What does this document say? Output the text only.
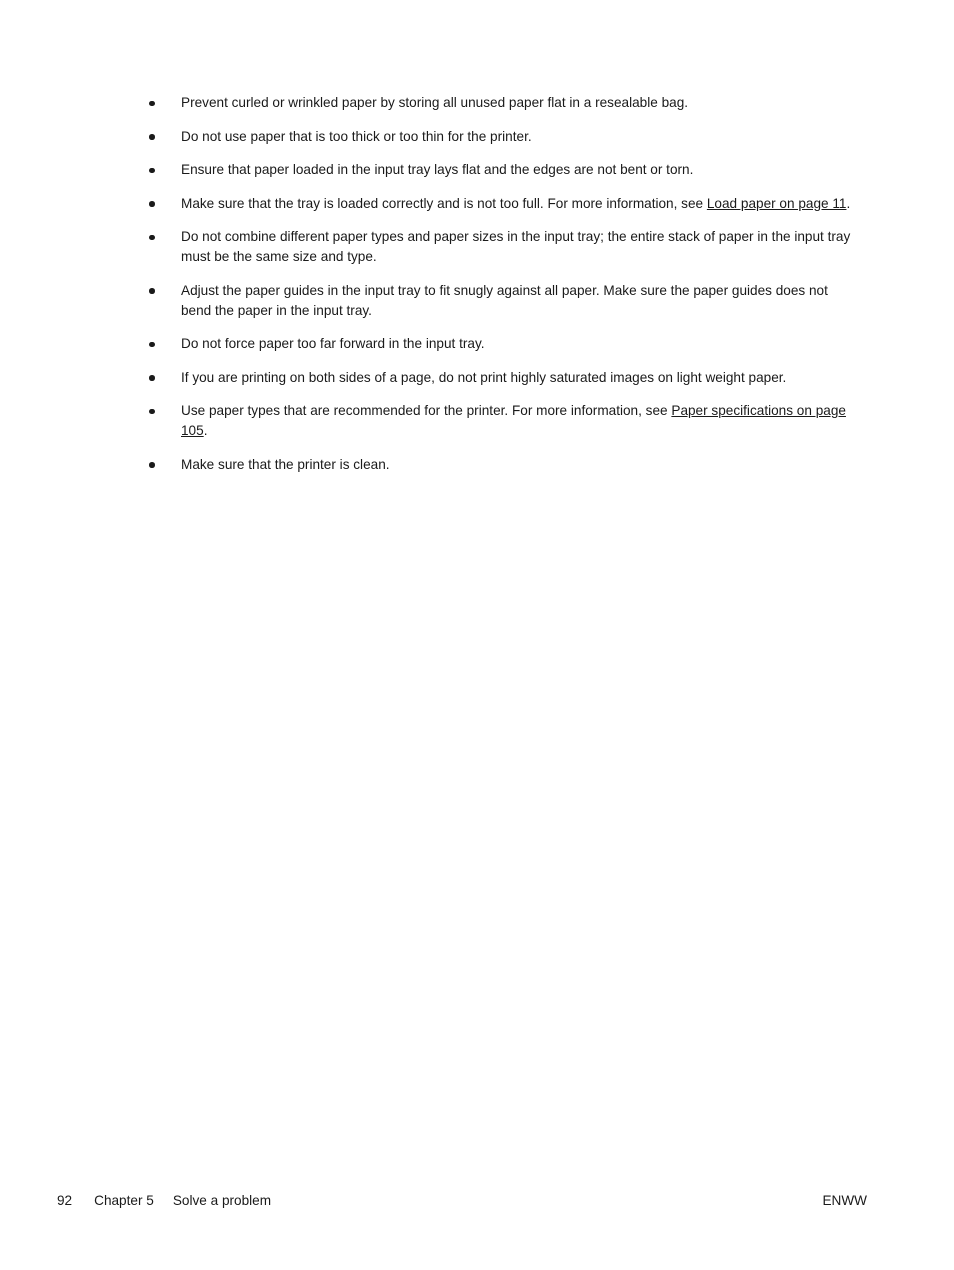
Prevent curled or wrinkled paper by storing all unused paper flat in a resealable bag.
Do not use paper that is too thick or too thin for the printer.
Ensure that paper loaded in the input tray lays flat and the edges are not bent or torn.
Make sure that the tray is loaded correctly and is not too full. For more information, see Load paper on page 11.
Do not combine different paper types and paper sizes in the input tray; the entire stack of paper in the input tray must be the same size and type.
Adjust the paper guides in the input tray to fit snugly against all paper. Make sure the paper guides does not bend the paper in the input tray.
Do not force paper too far forward in the input tray.
If you are printing on both sides of a page, do not print highly saturated images on light weight paper.
Use paper types that are recommended for the printer. For more information, see Paper specifications on page 105.
Make sure that the printer is clean.
92 Chapter 5 Solve a problem	ENWW
